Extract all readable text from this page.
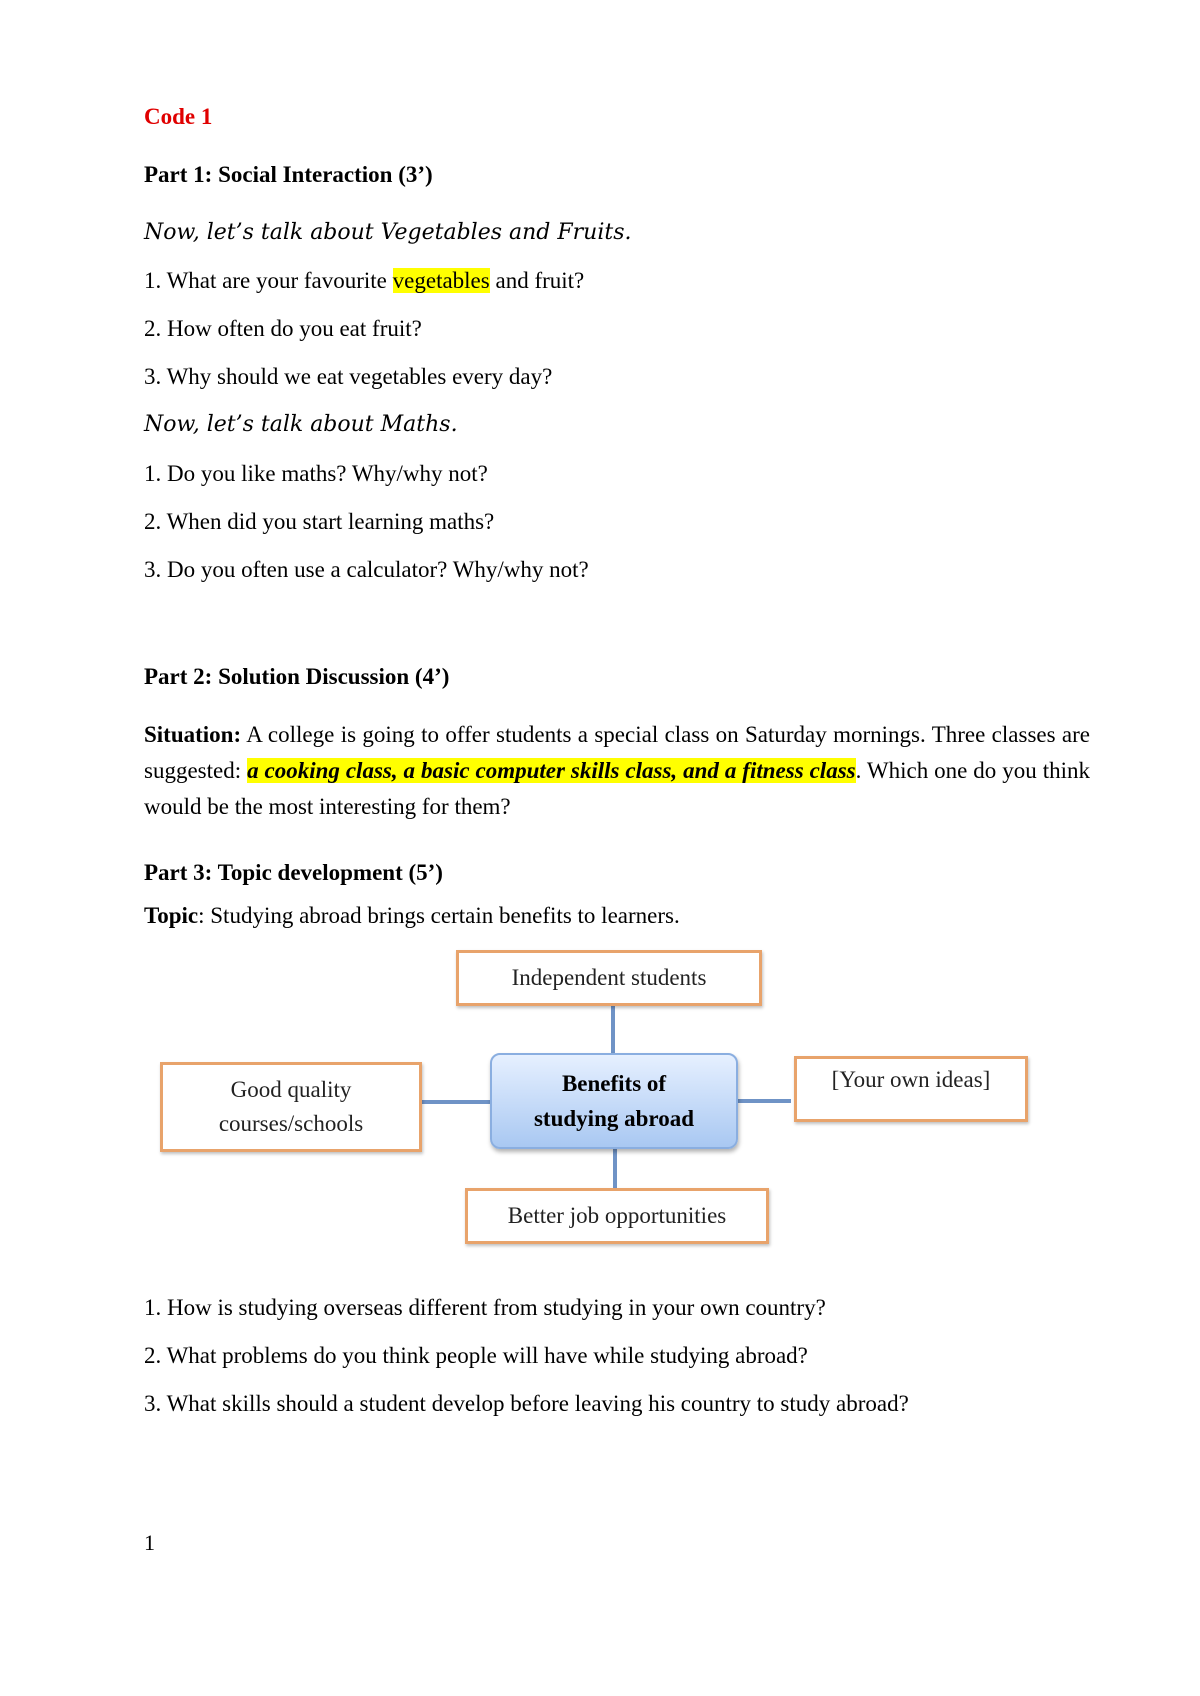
Code 1
Part 1: Social Interaction (3’)
Now, let’s talk about Vegetables and Fruits.
1. What are your favourite vegetables and fruit?
2. How often do you eat fruit?
3. Why should we eat vegetables every day?
Now, let’s talk about Maths.
1. Do you like maths? Why/why not?
2. When did you start learning maths?
3. Do you often use a calculator? Why/why not?
Part 2: Solution Discussion (4’)
Situation: A college is going to offer students a special class on Saturday mornings. Three classes are suggested: a cooking class, a basic computer skills class, and a fitness class. Which one do you think would be the most interesting for them?
Part 3: Topic development (5’)
Topic: Studying abroad brings certain benefits to learners.
Independent students
Good quality courses/schools
[Your own ideas]
Better job opportunities
Benefits of studying abroad
1. How is studying overseas different from studying in your own country?
2. What problems do you think people will have while studying abroad?
3. What skills should a student develop before leaving his country to study abroad?
1
